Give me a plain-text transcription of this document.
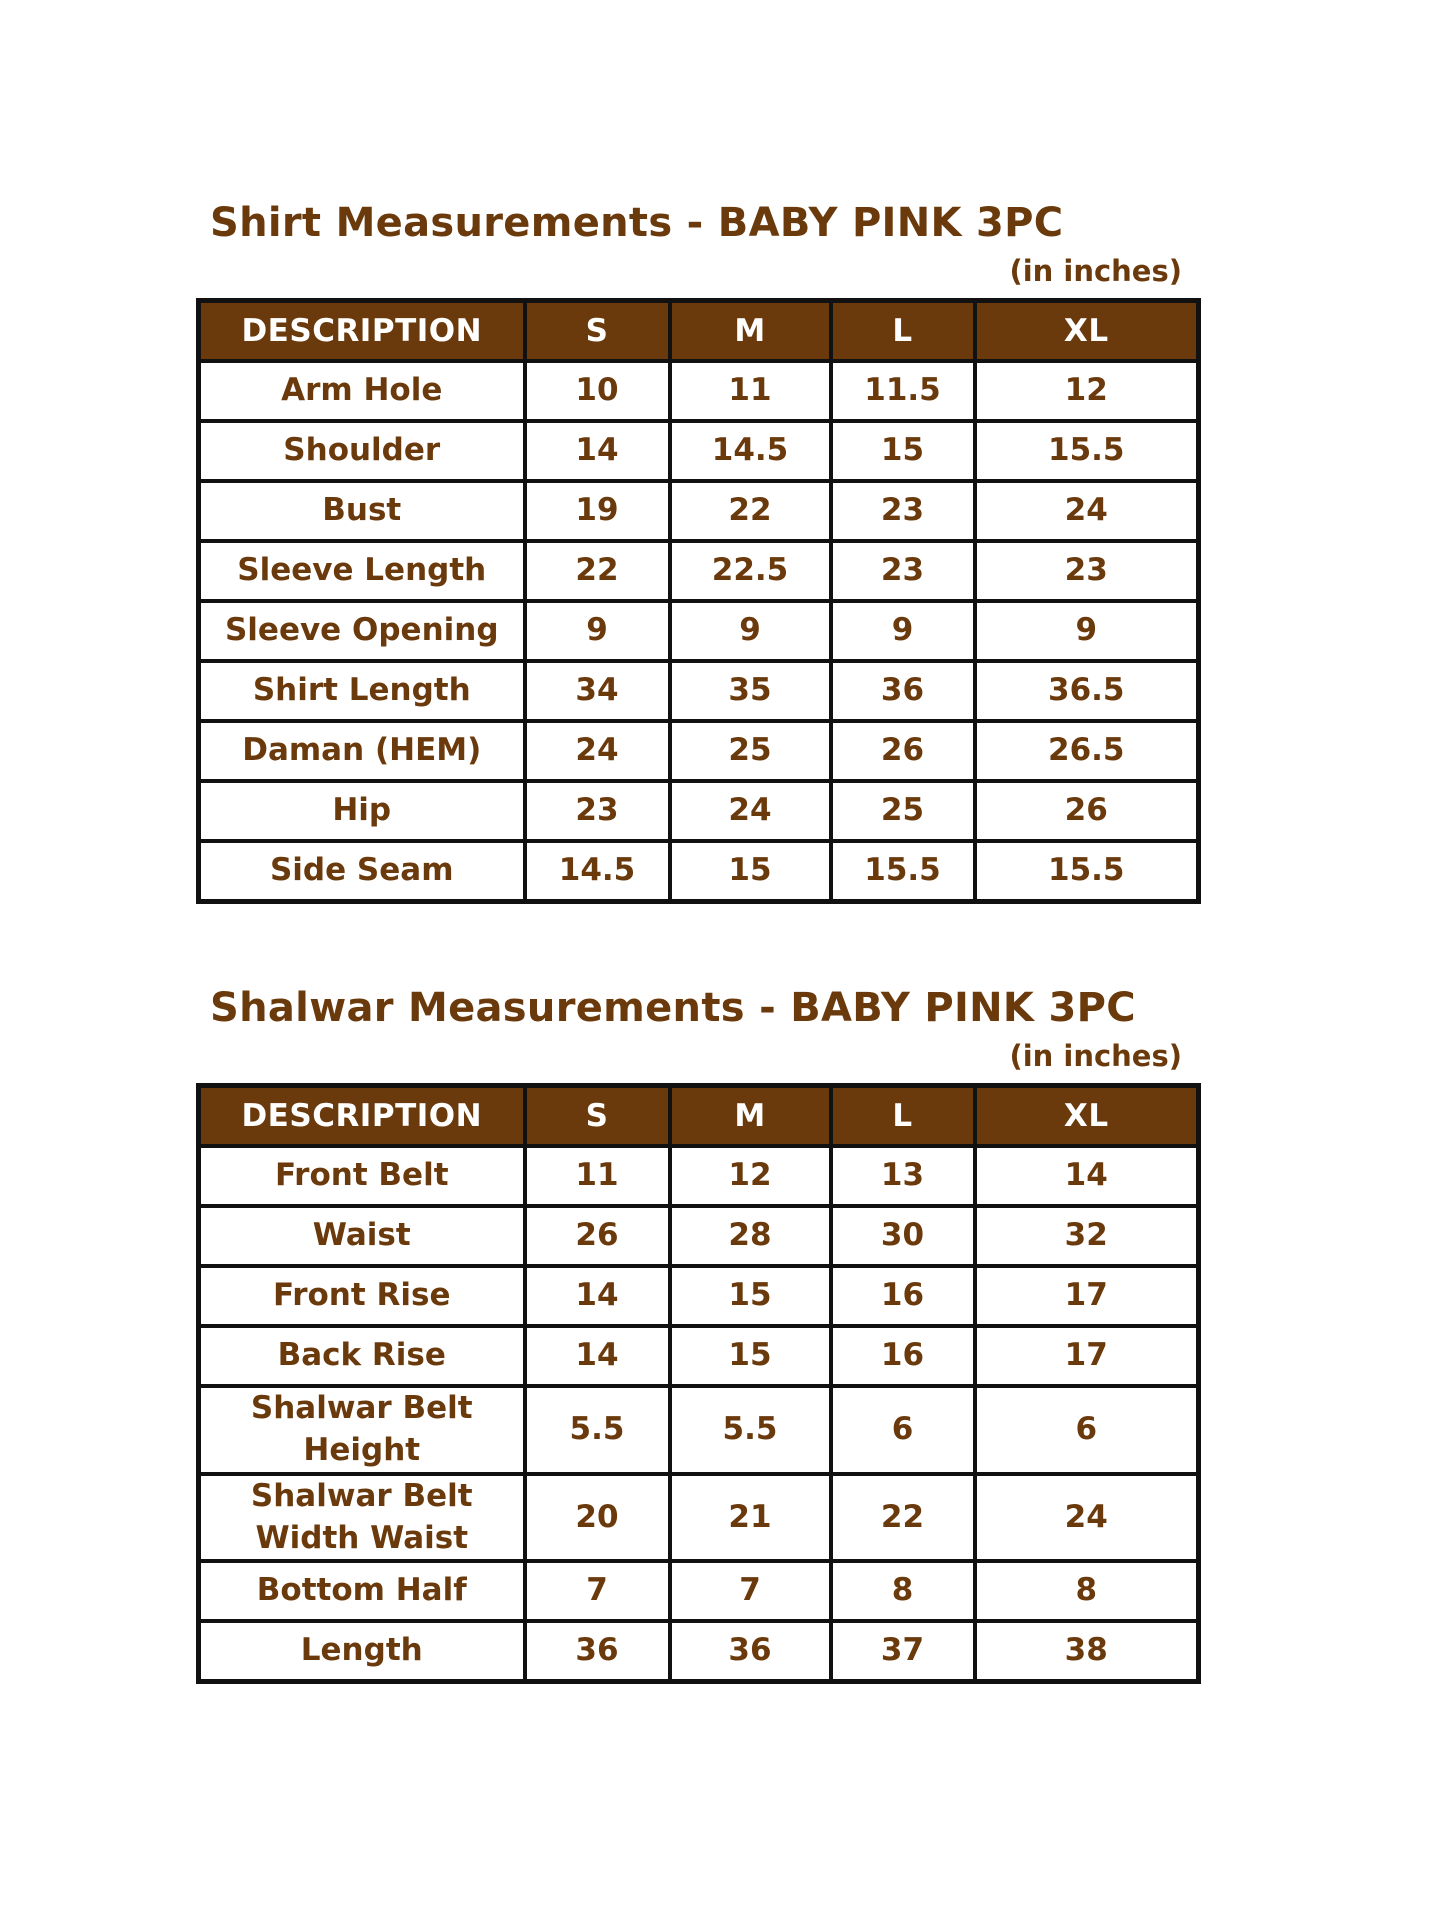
Shirt Measurements - BABY PINK 3PC
(in inches)
DESCRIPTION	S	M	L	XL
Arm Hole	10	11	11.5	12
Shoulder	14	14.5	15	15.5
Bust	19	22	23	24
Sleeve Length	22	22.5	23	23
Sleeve Opening	9	9	9	9
Shirt Length	34	35	36	36.5
Daman (HEM)	24	25	26	26.5
Hip	23	24	25	26
Side Seam	14.5	15	15.5	15.5
Shalwar Measurements - BABY PINK 3PC
(in inches)
DESCRIPTION	S	M	L	XL
Front Belt	11	12	13	14
Waist	26	28	30	32
Front Rise	14	15	16	17
Back Rise	14	15	16	17
Shalwar Belt Height	5.5	5.5	6	6
Shalwar Belt Width Waist	20	21	22	24
Bottom Half	7	7	8	8
Length	36	36	37	38
